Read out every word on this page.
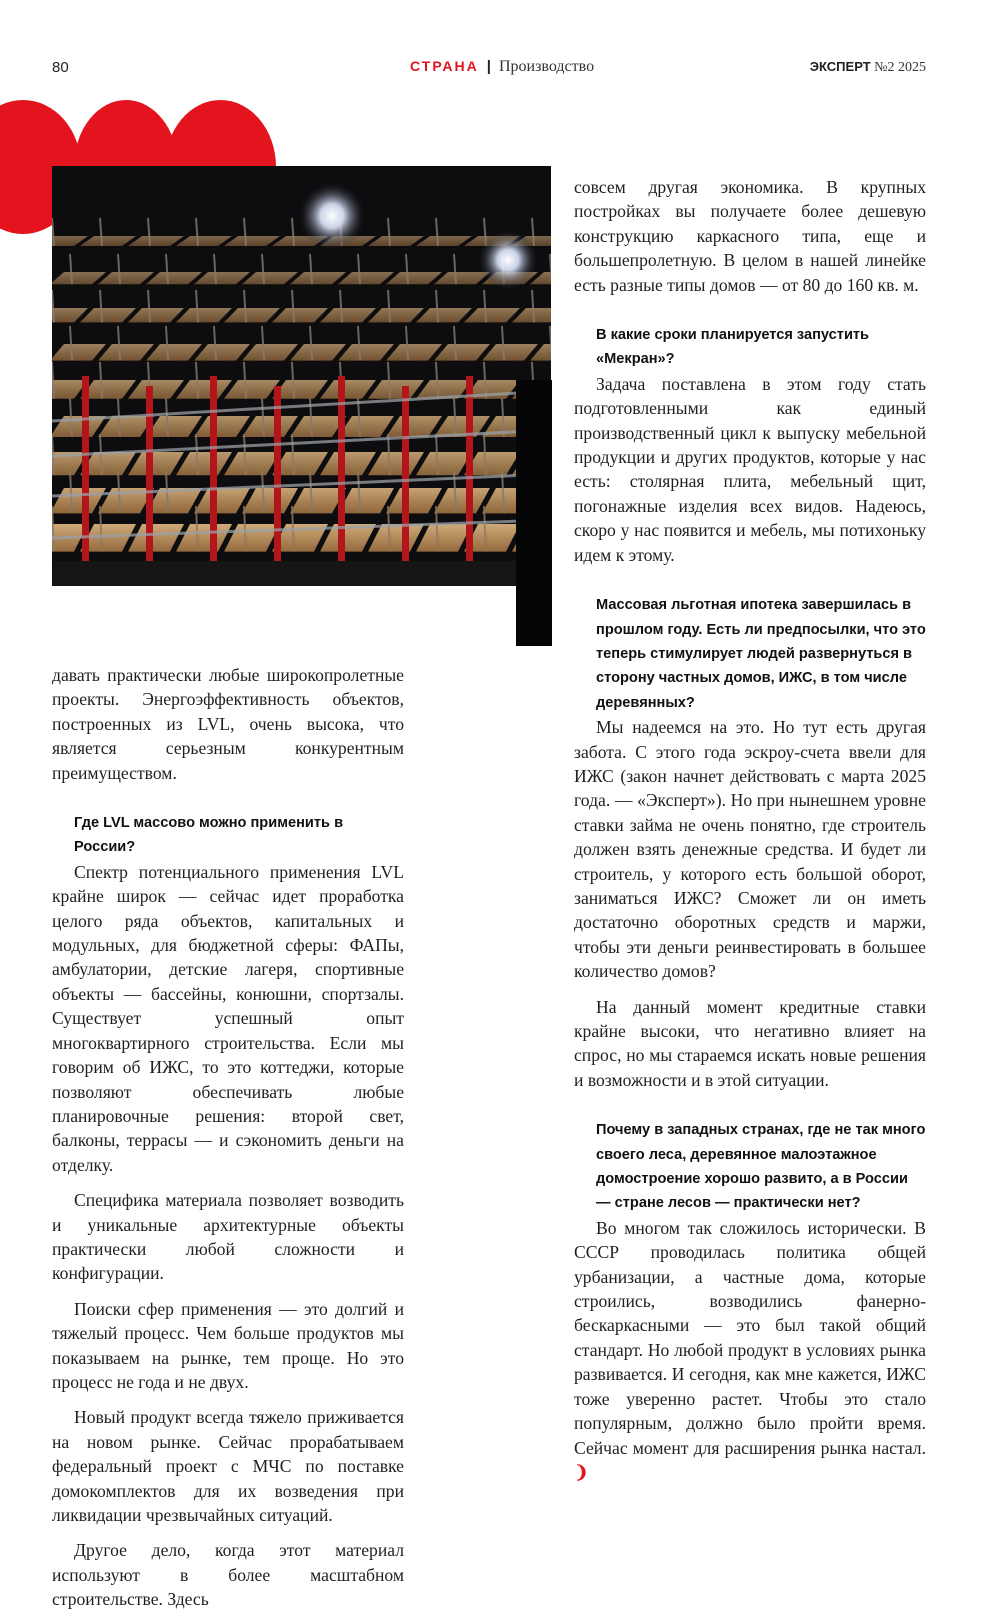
80	СТРАНА | Производство	ЭКСПЕРТ №2 2025

давать практически любые широкопролетные проекты. Энергоэффективность объектов, построенных из LVL, очень высока, что является серьезным конкурентным преимуществом.

Где LVL массово можно применить в России?

Спектр потенциального применения LVL крайне широк — сейчас идет проработка целого ряда объектов, капитальных и модульных, для бюджетной сферы: ФАПы, амбулатории, детские лагеря, спортивные объекты — бассейны, конюшни, спортзалы. Существует успешный опыт многоквартирного строительства. Если мы говорим об ИЖС, то это коттеджи, которые позволяют обеспечивать любые планировочные решения: второй свет, балконы, террасы — и сэкономить деньги на отделку.

Специфика материала позволяет возводить и уникальные архитектурные объекты практически любой сложности и конфигурации.

Поиски сфер применения — это долгий и тяжелый процесс. Чем больше продуктов мы показываем на рынке, тем проще. Но это процесс не года и не двух.

Новый продукт всегда тяжело приживается на новом рынке. Сейчас прорабатываем федеральный проект с МЧС по поставке домокомплектов для их возведения при ликвидации чрезвычайных ситуаций.

Другое дело, когда этот материал используют в более масштабном строительстве. Здесь

совсем другая экономика. В крупных постройках вы получаете более дешевую конструкцию каркасного типа, еще и большепролетную. В целом в нашей линейке есть разные типы домов — от 80 до 160 кв. м.

В какие сроки планируется запустить «Мекран»?

Задача поставлена в этом году стать подготовленными как единый производственный цикл к выпуску мебельной продукции и других продуктов, которые у нас есть: столярная плита, мебельный щит, погонажные изделия всех видов. Надеюсь, скоро у нас появится и мебель, мы потихоньку идем к этому.

Массовая льготная ипотека завершилась в прошлом году. Есть ли предпосылки, что это теперь стимулирует людей развернуться в сторону частных домов, ИЖС, в том числе деревянных?

Мы надеемся на это. Но тут есть другая забота. С этого года эскроу-счета ввели для ИЖС (закон начнет действовать с марта 2025 года. — «Эксперт»). Но при нынешнем уровне ставки займа не очень понятно, где строитель должен взять денежные средства. И будет ли строитель, у которого есть большой оборот, заниматься ИЖС? Сможет ли он иметь достаточно оборотных средств и маржи, чтобы эти деньги реинвестировать в большее количество домов?

На данный момент кредитные ставки крайне высоки, что негативно влияет на спрос, но мы стараемся искать новые решения и возможности и в этой ситуации.

Почему в западных странах, где не так много своего леса, деревянное малоэтажное домостроение хорошо развито, а в России — стране лесов — практически нет?

Во многом так сложилось исторически. В СССР проводилась политика общей урбанизации, а частные дома, которые строились, возводились фанерно-бескаркасными — это был такой общий стандарт. Но любой продукт в условиях рынка развивается. И сегодня, как мне кажется, ИЖС тоже уверенно растет. Чтобы это стало популярным, должно было пройти время. Сейчас момент для расширения рынка настал. ❩
